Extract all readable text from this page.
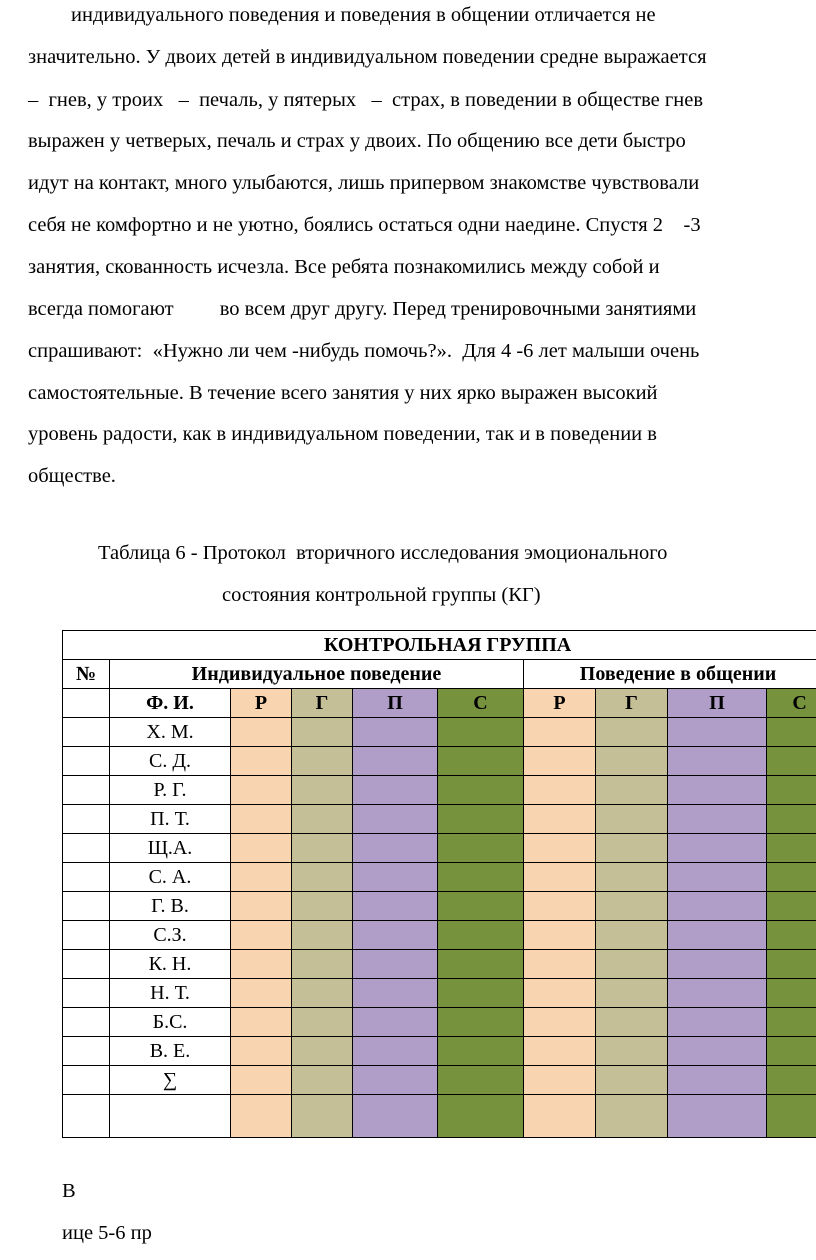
индивидуального поведения и поведения в общении отличается не
значительно. У двоих детей в индивидуальном поведении средне выражается
–  гнев, у троих   –  печаль, у пятерых   –  страх, в поведении в обществе гнев
выражен у четверых, печаль и страх у двоих. По общению все дети быстро
идут на контакт, много улыбаются, лишь припервом знакомстве чувствовали
себя не комфортно и не уютно, боялись остаться одни наедине. Спустя 2    -3
занятия, скованность исчезла. Все ребята познакомились между собой и
всегда помогают         во всем друг другу. Перед тренировочными занятиями
спрашивают:  «Нужно ли чем -нибудь помочь?».  Для 4 -6 лет малыши очень
самостоятельные. В течение всего занятия у них ярко выражен высокий
уровень радости, как в индивидуальном поведении, так и в поведении в
обществе.
Таблица 6 - Протокол  вторичного исследования эмоционального
состояния контрольной группы (КГ)
КОНТРОЛЬНАЯ ГРУППА									
№	Индивидуальное поведение					Поведение в общении			
	Ф. И.	Р	Г	П	С	Р	Г	П	С
	Х. М.								
	С. Д.								
	Р. Г.								
	П. Т.								
	Щ.А.								
	С. А.								
	Г. В.								
	С.З.								
	К. Н.								
	Н. Т.								
	Б.С.								
	В. Е.								
	∑								

В
ице 5-6 пр
